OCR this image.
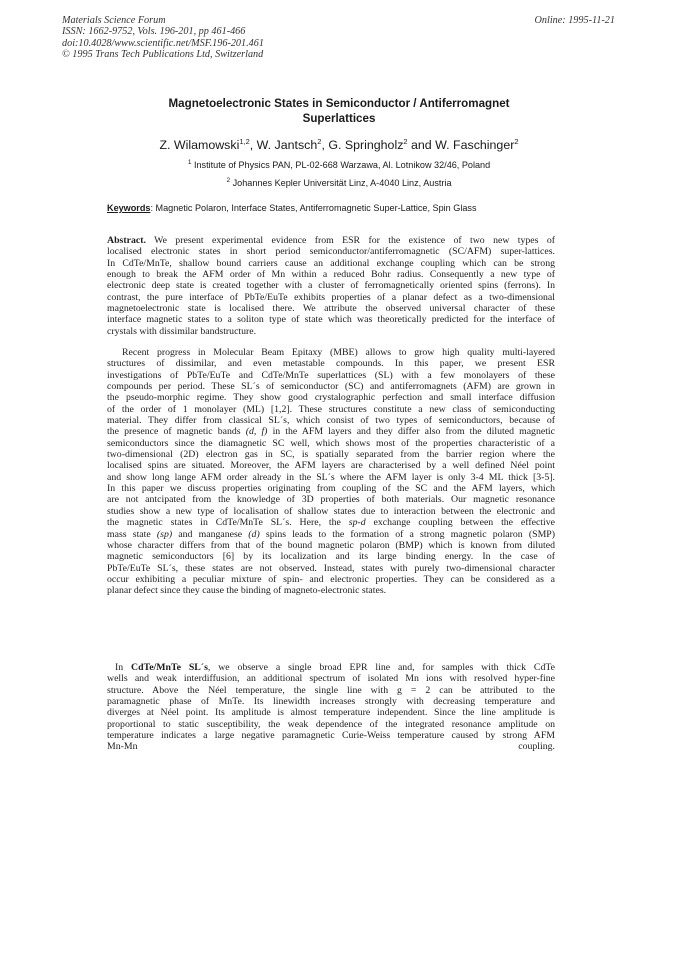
Materials Science Forum
ISSN: 1662-9752, Vols. 196-201, pp 461-466
doi:10.4028/www.scientific.net/MSF.196-201.461
© 1995 Trans Tech Publications Ltd, Switzerland
Online: 1995-11-21
Magnetoelectronic States in Semiconductor / Antiferromagnet
Superlattices
Z. Wilamowski$^{1,2}$, W. Jantsch$^2$, G. Springholz$^2$ and W. Faschinger$^2$
$^1$ Institute of Physics PAN, PL-02-668 Warzawa, Al. Lotnikow 32/46, Poland
$^2$ Johannes Kepler Universität Linz, A-4040 Linz, Austria
Keywords: Magnetic Polaron, Interface States, Antiferromagnetic Super-Lattice, Spin Glass
Abstract. We present experimental evidence from ESR for the existence of two new types of
localised electronic states in short period semiconductor/antiferromagnetic (SC/AFM) super-lattices.
In CdTe/MnTe, shallow bound carriers cause an additional exchange coupling which can be strong
enough to break the AFM order of Mn within a reduced Bohr radius. Consequently a new type of
electronic deep state is created together with a cluster of ferromagnetically oriented spins (ferrons). In
contrast, the pure interface of PbTe/EuTe exhibits properties of a planar defect as a two-dimensional
magnetoelectronic state is localised there. We attribute the observed universal character of these
interface magnetic states to a soliton type of state which was theoretically predicted for the interface of
crystals with dissimilar bandstructure.
Recent progress in Molecular Beam Epitaxy (MBE) allows to grow high quality multi-layered
structures of dissimilar, and even metastable compounds. In this paper, we present ESR
investigations of PbTe/EuTe and CdTe/MnTe superlattices (SL) with a few monolayers of these
compounds per period. These SL´s of semiconductor (SC) and antiferromagnets (AFM) are grown in
the pseudo-morphic regime. They show good crystalographic perfection and small interface diffusion
of the order of 1 monolayer (ML) [1,2]. These structures constitute a new class of semiconducting
material. They differ from classical SL´s, which consist of two types of semiconductors, because of
the presence of magnetic bands (d, f) in the AFM layers and they differ also from the diluted magnetic
semiconductors since the diamagnetic SC well, which shows most of the properties characteristic of a
two-dimensional (2D) electron gas in SC, is spatially separated from the barrier region where the
localised spins are situated. Moreover, the AFM layers are characterised by a well defined Néel point
and show long lange AFM order already in the SL´s where the AFM layer is only 3-4 ML thick [3-5].
In this paper we discuss properties originating from coupling of the SC and the AFM layers, which
are not antcipated from the knowledge of 3D properties of both materials. Our magnetic resonance
studies show a new type of localisation of shallow states due to interaction between the electronic and
the magnetic states in CdTe/MnTe SL´s. Here, the sp-d exchange coupling between the effective
mass state (sp) and manganese (d) spins leads to the formation of a strong magnetic polaron (SMP)
whose character differs from that of the bound magnetic polaron (BMP) which is known from diluted
magnetic semiconductors [6] by its localization and its large binding energy. In the case of
PbTe/EuTe SL´s, these states are not observed. Instead, states with purely two-dimensional character
occur exhibiting a peculiar mixture of spin- and electronic properties. They can be considered as a
planar defect since they cause the binding of magneto-electronic states.
In CdTe/MnTe SL´s, we observe a single broad EPR line and, for samples with thick CdTe
wells and weak interdiffusion, an additional spectrum of isolated Mn ions with resolved hyper-fine
structure. Above the Néel temperature, the single line with g = 2 can be attributed to the
paramagnetic phase of MnTe. Its linewidth increases strongly with decreasing temperature and
diverges at Néel point. Its amplitude is almost temperature independent. Since the line amplitude is
proportional to static susceptibility, the weak dependence of the integrated resonance amplitude on
temperature indicates a large negative paramagnetic Curie-Weiss temperature caused by strong AFM
Mn-Mn coupling.
